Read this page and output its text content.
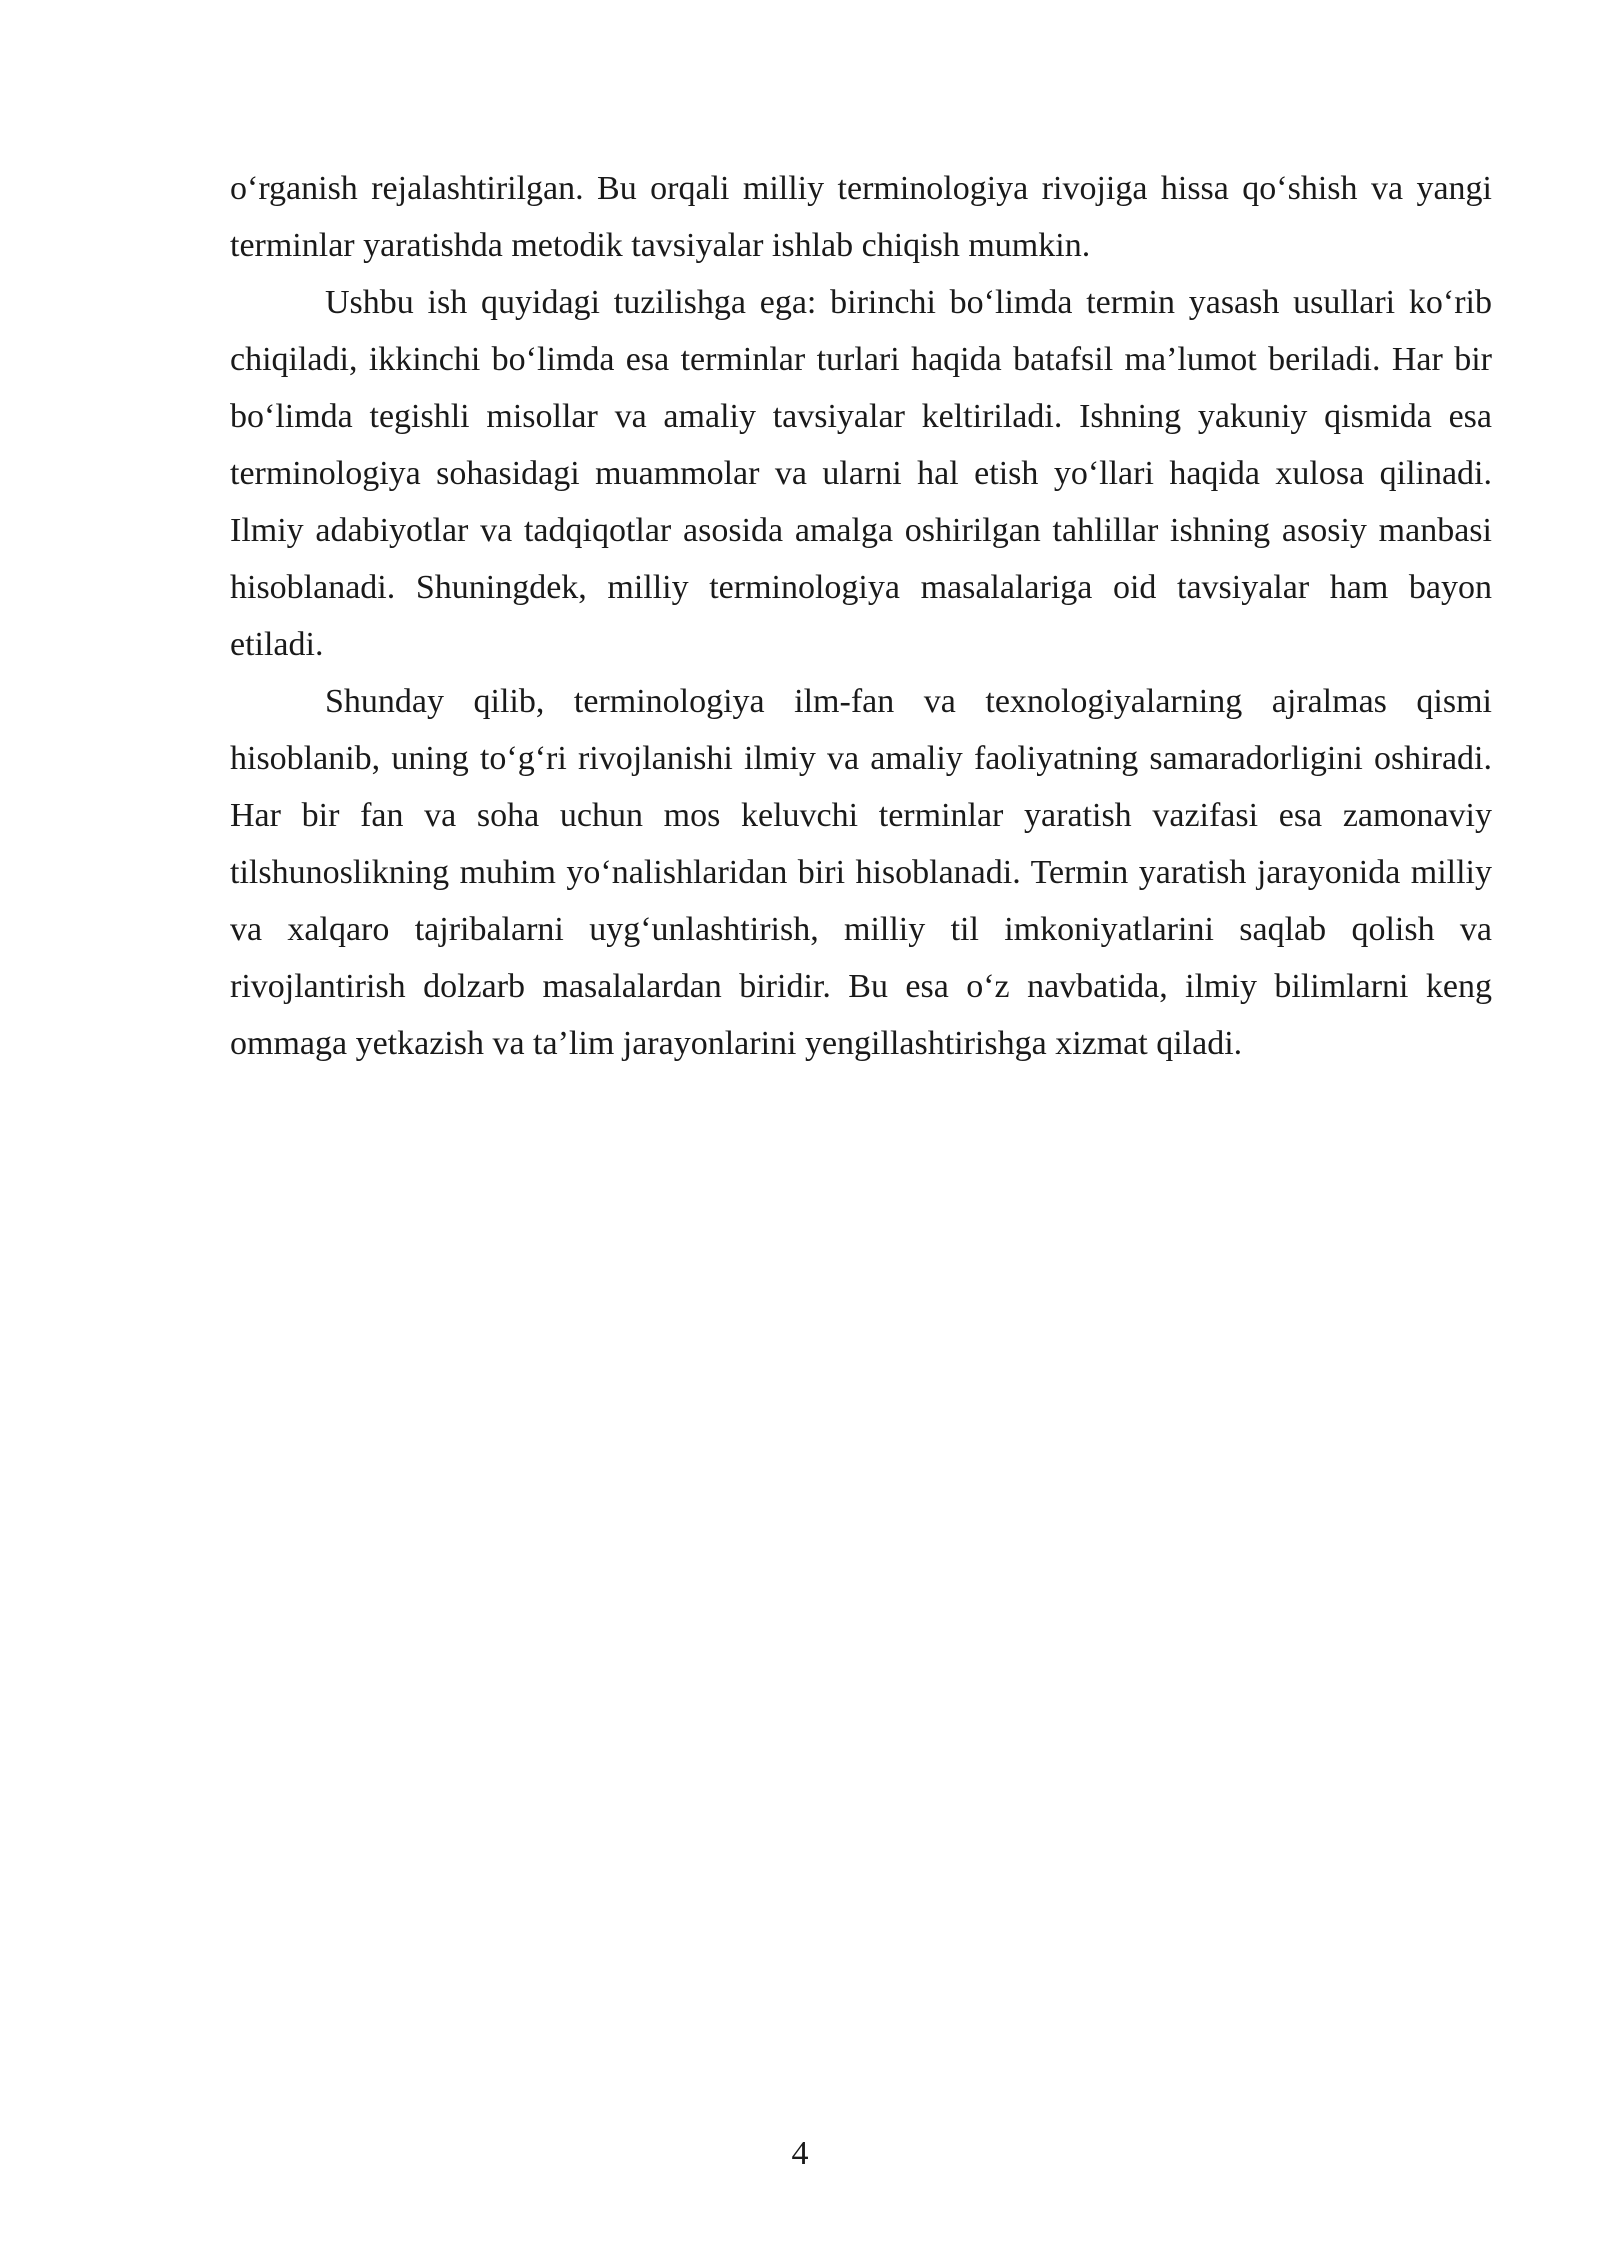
o‘rganish rejalashtirilgan. Bu orqali milliy terminologiya rivojiga hissa qo‘shish va yangi terminlar yaratishda metodik tavsiyalar ishlab chiqish mumkin.

Ushbu ish quyidagi tuzilishga ega: birinchi bo‘limda termin yasash usullari ko‘rib chiqiladi, ikkinchi bo‘limda esa terminlar turlari haqida batafsil ma’lumot beriladi. Har bir bo‘limda tegishli misollar va amaliy tavsiyalar keltiriladi. Ishning yakuniy qismida esa terminologiya sohasidagi muammolar va ularni hal etish yo‘llari haqida xulosa qilinadi. Ilmiy adabiyotlar va tadqiqotlar asosida amalga oshirilgan tahlillar ishning asosiy manbasi hisoblanadi. Shuningdek, milliy terminologiya masalalariga oid tavsiyalar ham bayon etiladi.

Shunday qilib, terminologiya ilm-fan va texnologiyalarning ajralmas qismi hisoblanib, uning to‘g‘ri rivojlanishi ilmiy va amaliy faoliyatning samaradorligini oshiradi. Har bir fan va soha uchun mos keluvchi terminlar yaratish vazifasi esa zamonaviy tilshunoslikning muhim yo‘nalishlaridan biri hisoblanadi. Termin yaratish jarayonida milliy va xalqaro tajribalarni uyg‘unlashtirish, milliy til imkoniyatlarini saqlab qolish va rivojlantirish dolzarb masalalardan biridir. Bu esa o‘z navbatida, ilmiy bilimlarni keng ommaga yetkazish va ta’lim jarayonlarini yengillashtirishga xizmat qiladi.

4
